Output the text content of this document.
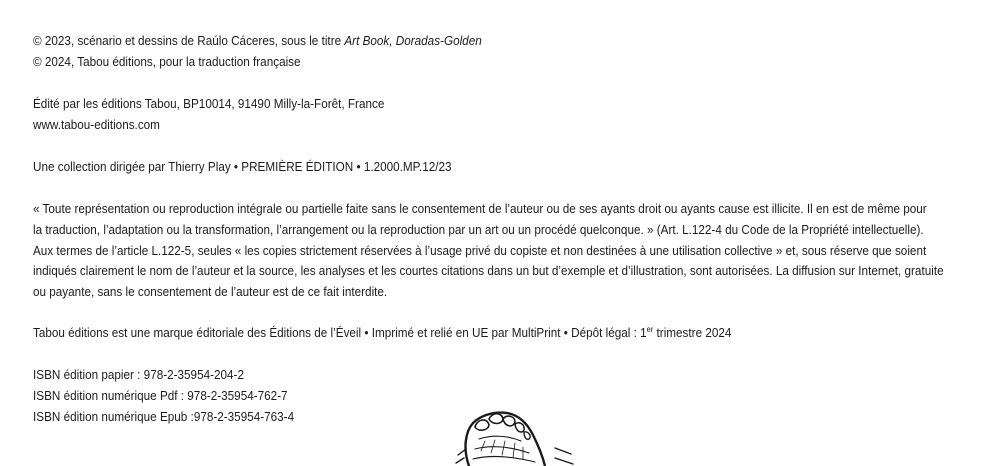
© 2023, scénario et dessins de Raúlo Cáceres, sous le titre Art Book, Doradas-Golden
© 2024, Tabou éditions, pour la traduction française
Édité par les éditions Tabou, BP10014, 91490 Milly-la-Forêt, France
www.tabou-editions.com
Une collection dirigée par Thierry Play • PREMIÈRE ÉDITION • 1.2000.MP.12/23
« Toute représentation ou reproduction intégrale ou partielle faite sans le consentement de l’auteur ou de ses ayants droit ou ayants cause est illicite. Il en est de même pour
la traduction, l’adaptation ou la transformation, l’arrangement ou la reproduction par un art ou un procédé quelconque. » (Art. L.122-4 du Code de la Propriété intellectuelle).
Aux termes de l’article L.122-5, seules « les copies strictement réservées à l’usage privé du copiste et non destinées à une utilisation collective » et, sous réserve que soient
indiqués clairement le nom de l’auteur et la source, les analyses et les courtes citations dans un but d’exemple et d’illustration, sont autorisées. La diffusion sur Internet, gratuite
ou payante, sans le consentement de l’auteur est de ce fait interdite.
Tabou éditions est une marque éditoriale des Éditions de l’Éveil • Imprimé et relié en UE par MultiPrint • Dépôt légal : 1er trimestre 2024
ISBN édition papier : 978-2-35954-204-2
ISBN édition numérique Pdf : 978-2-35954-762-7
ISBN édition numérique Epub :978-2-35954-763-4
